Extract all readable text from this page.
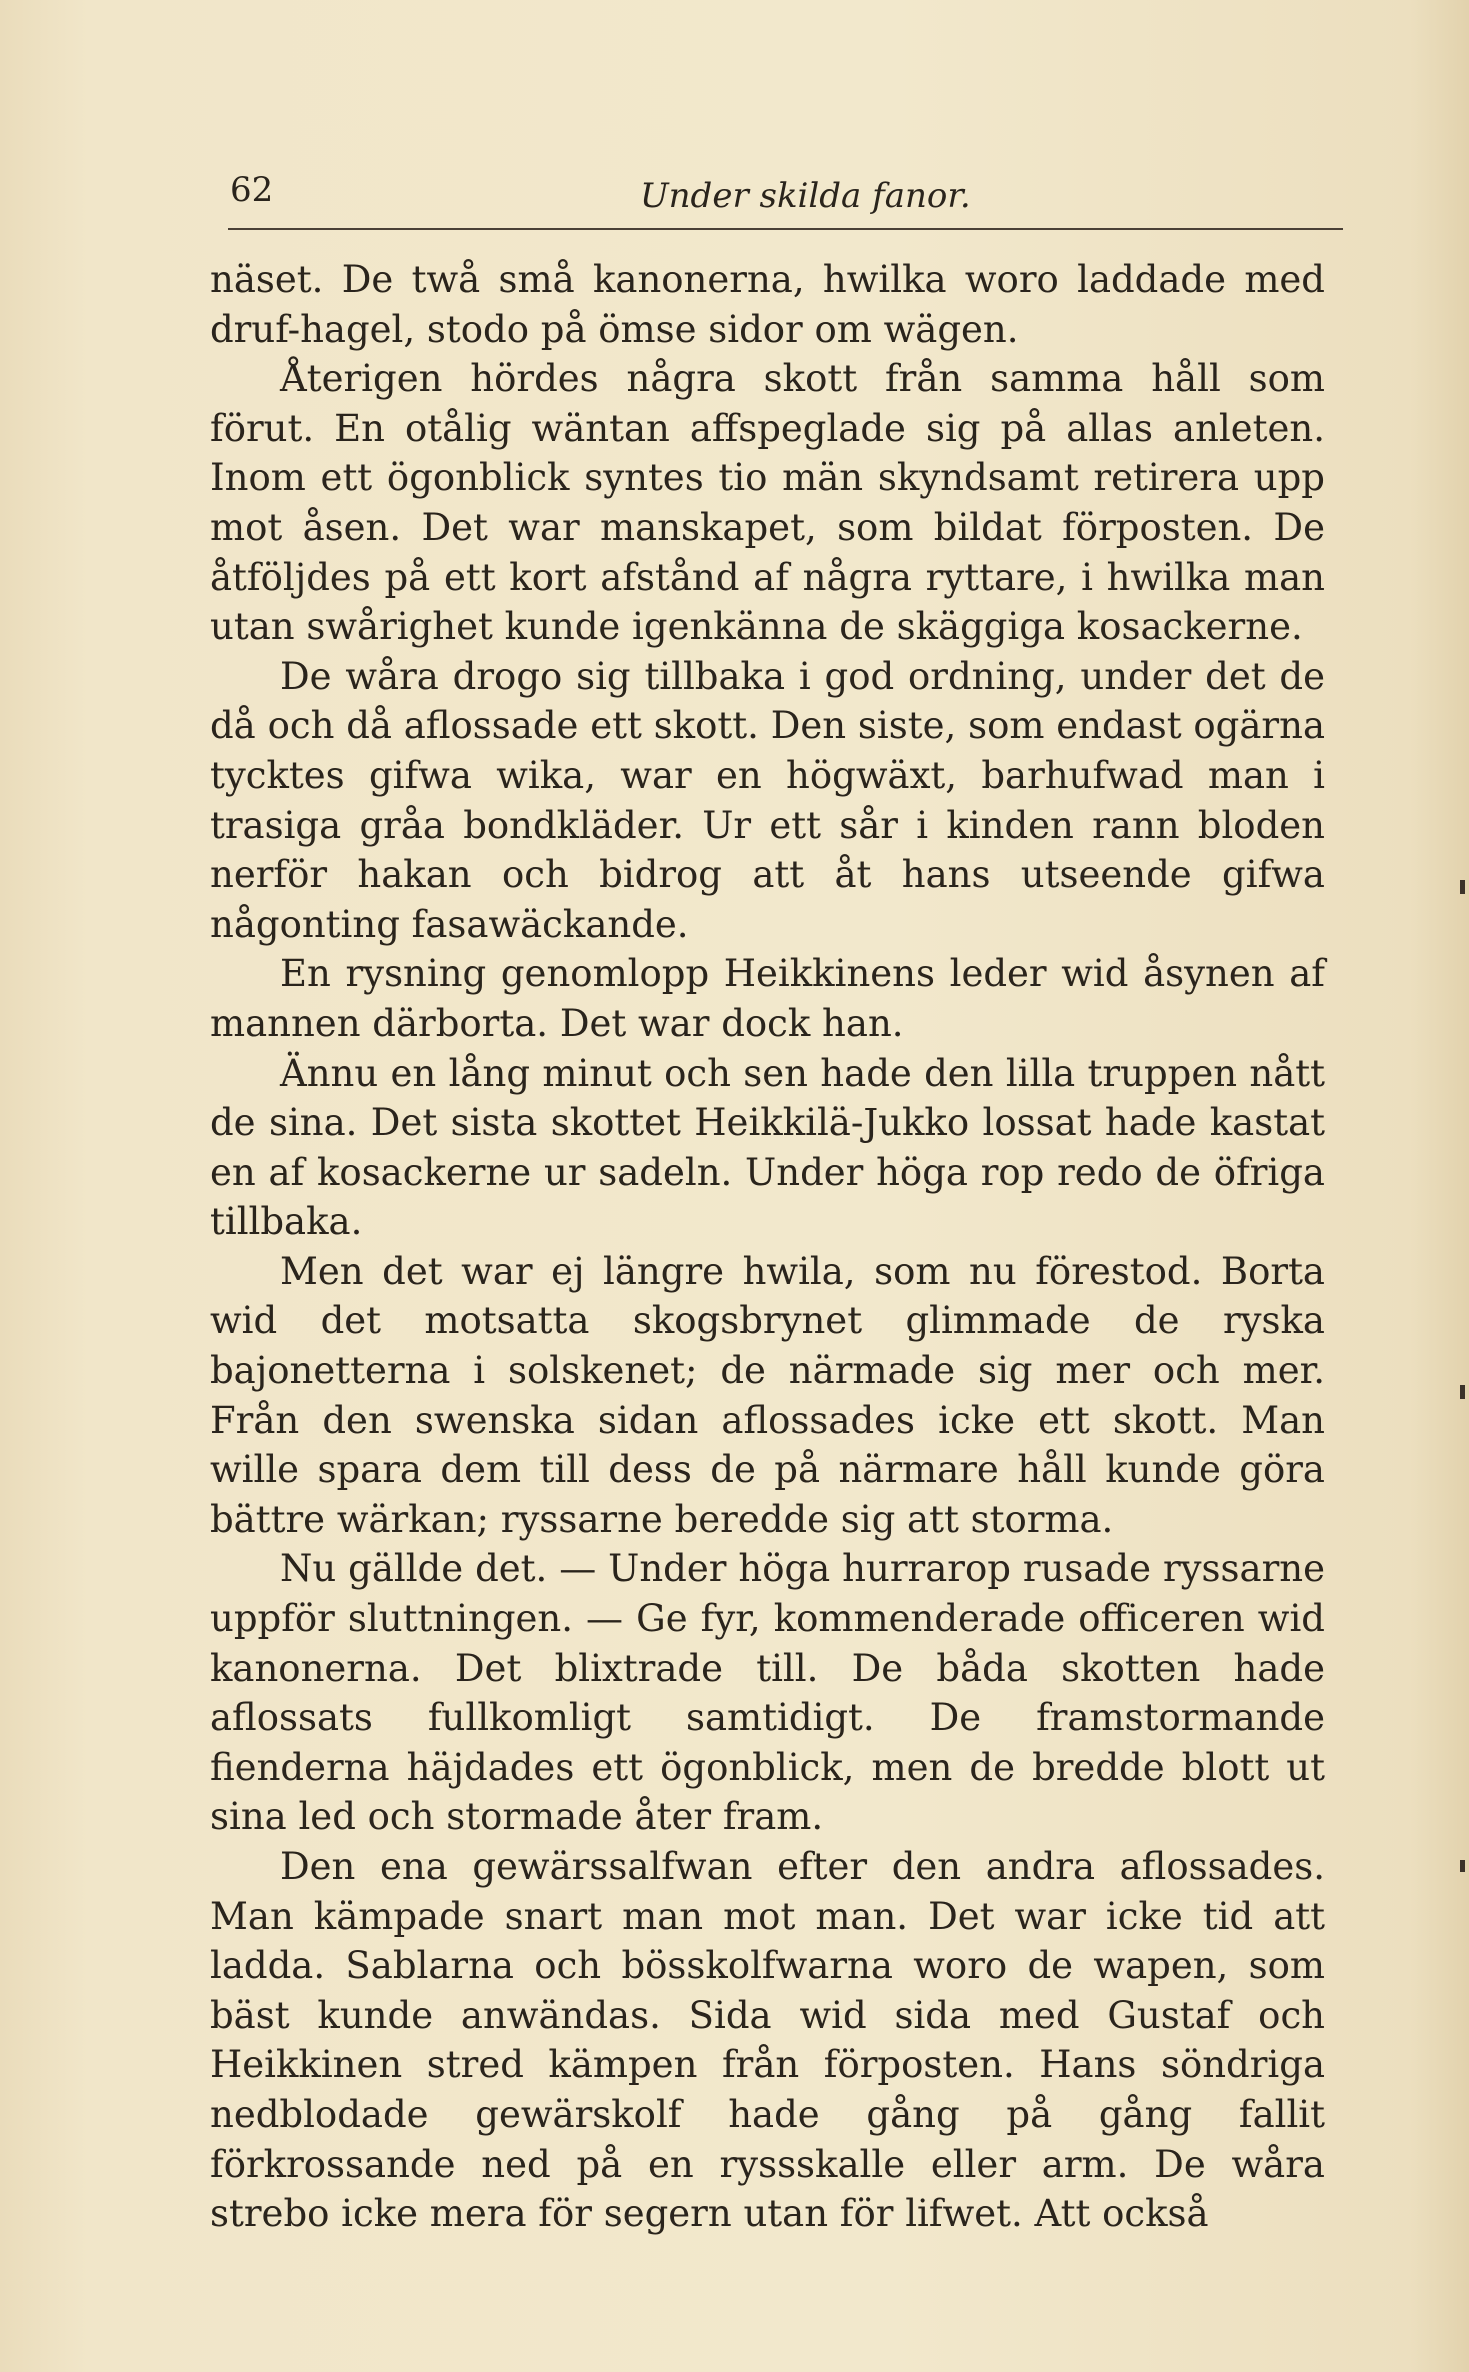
62	Under skilda fanor.

näset. De twå små kanonerna, hwilka woro laddade med druf-hagel, stodo på ömse sidor om wägen.

Återigen hördes några skott från samma håll som förut. En otålig wäntan affspeglade sig på allas anleten. Inom ett ögonblick syntes tio män skyndsamt retirera upp mot åsen. Det war manskapet, som bildat förposten. De åtföljdes på ett kort afstånd af några ryttare, i hwilka man utan swårighet kunde igenkänna de skäggiga kosackerne.

De wåra drogo sig tillbaka i god ordning, under det de då och då aflossade ett skott. Den siste, som endast ogärna tycktes gifwa wika, war en högwäxt, barhufwad man i trasiga gråa bondkläder. Ur ett sår i kinden rann bloden nerför hakan och bidrog att åt hans utseende gifwa någonting fasawäckande.

En rysning genomlopp Heikkinens leder wid åsynen af mannen därborta. Det war dock han.

Ännu en lång minut och sen hade den lilla truppen nått de sina. Det sista skottet Heikkilä-Jukko lossat hade kastat en af kosackerne ur sadeln. Under höga rop redo de öfriga tillbaka.

Men det war ej längre hwila, som nu förestod. Borta wid det motsatta skogsbrynet glimmade de ryska bajonetterna i solskenet; de närmade sig mer och mer. Från den swenska sidan aflossades icke ett skott. Man wille spara dem till dess de på närmare håll kunde göra bättre wärkan; ryssarne beredde sig att storma.

Nu gällde det. — Under höga hurrarop rusade ryssarne uppför sluttningen. — Ge fyr, kommenderade officeren wid kanonerna. Det blixtrade till. De båda skotten hade aflossats fullkomligt samtidigt. De framstormande fienderna häjdades ett ögonblick, men de bredde blott ut sina led och stormade åter fram.

Den ena gewärssalfwan efter den andra aflossades. Man kämpade snart man mot man. Det war icke tid att ladda. Sablarna och bösskolfwarna woro de wapen, som bäst kunde anwändas. Sida wid sida med Gustaf och Heikkinen stred kämpen från förposten. Hans söndriga nedblodade gewärskolf hade gång på gång fallit förkrossande ned på en ryssskalle eller arm. De wåra strebo icke mera för segern utan för lifwet. Att också
